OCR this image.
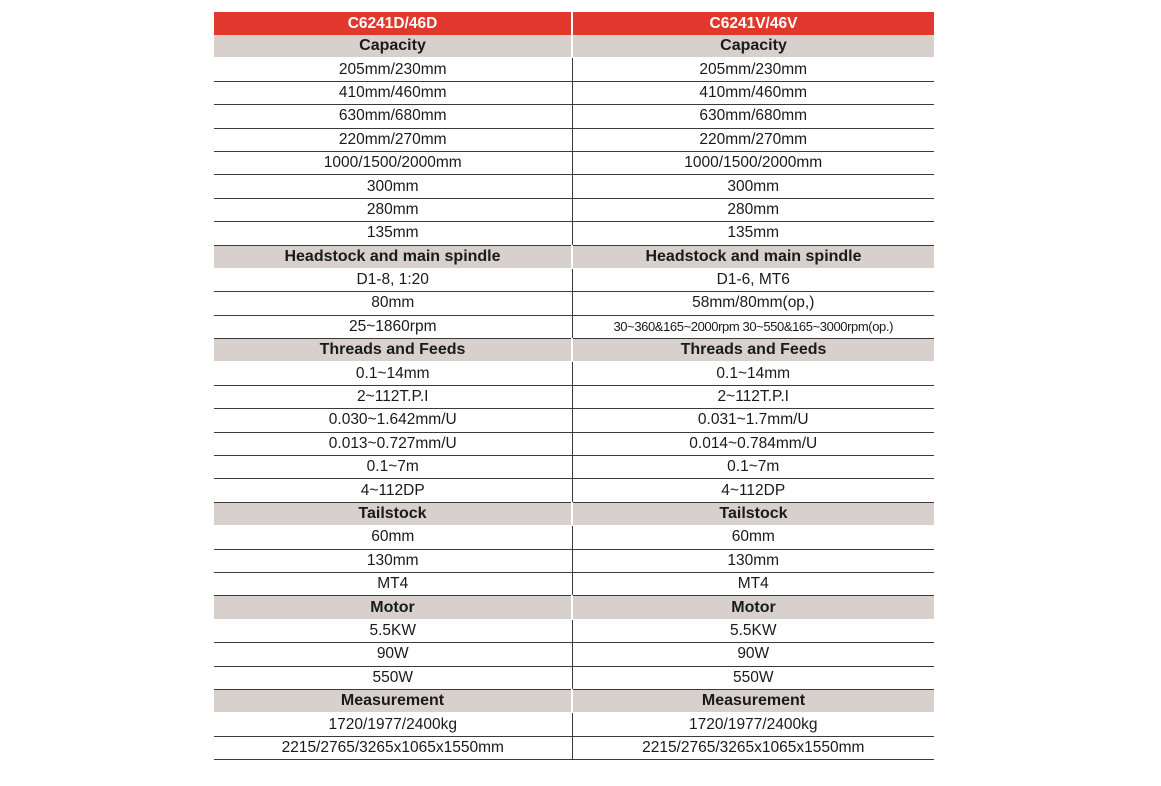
C6241D/46D	C6241V/46V
Capacity	Capacity
205mm/230mm	205mm/230mm
410mm/460mm	410mm/460mm
630mm/680mm	630mm/680mm
220mm/270mm	220mm/270mm
1000/1500/2000mm	1000/1500/2000mm
300mm	300mm
280mm	280mm
135mm	135mm
Headstock and main spindle	Headstock and main spindle
D1-8, 1:20	D1-6, MT6
80mm	58mm/80mm(op,)
25~1860rpm	30~360&165~2000rpm 30~550&165~3000rpm(op.)
Threads and Feeds	Threads and Feeds
0.1~14mm	0.1~14mm
2~112T.P.I	2~112T.P.I
0.030~1.642mm/U	0.031~1.7mm/U
0.013~0.727mm/U	0.014~0.784mm/U
0.1~7m	0.1~7m
4~112DP	4~112DP
Tailstock	Tailstock
60mm	60mm
130mm	130mm
MT4	MT4
Motor	Motor
5.5KW	5.5KW
90W	90W
550W	550W
Measurement	Measurement
1720/1977/2400kg	1720/1977/2400kg
2215/2765/3265x1065x1550mm	2215/2765/3265x1065x1550mm
